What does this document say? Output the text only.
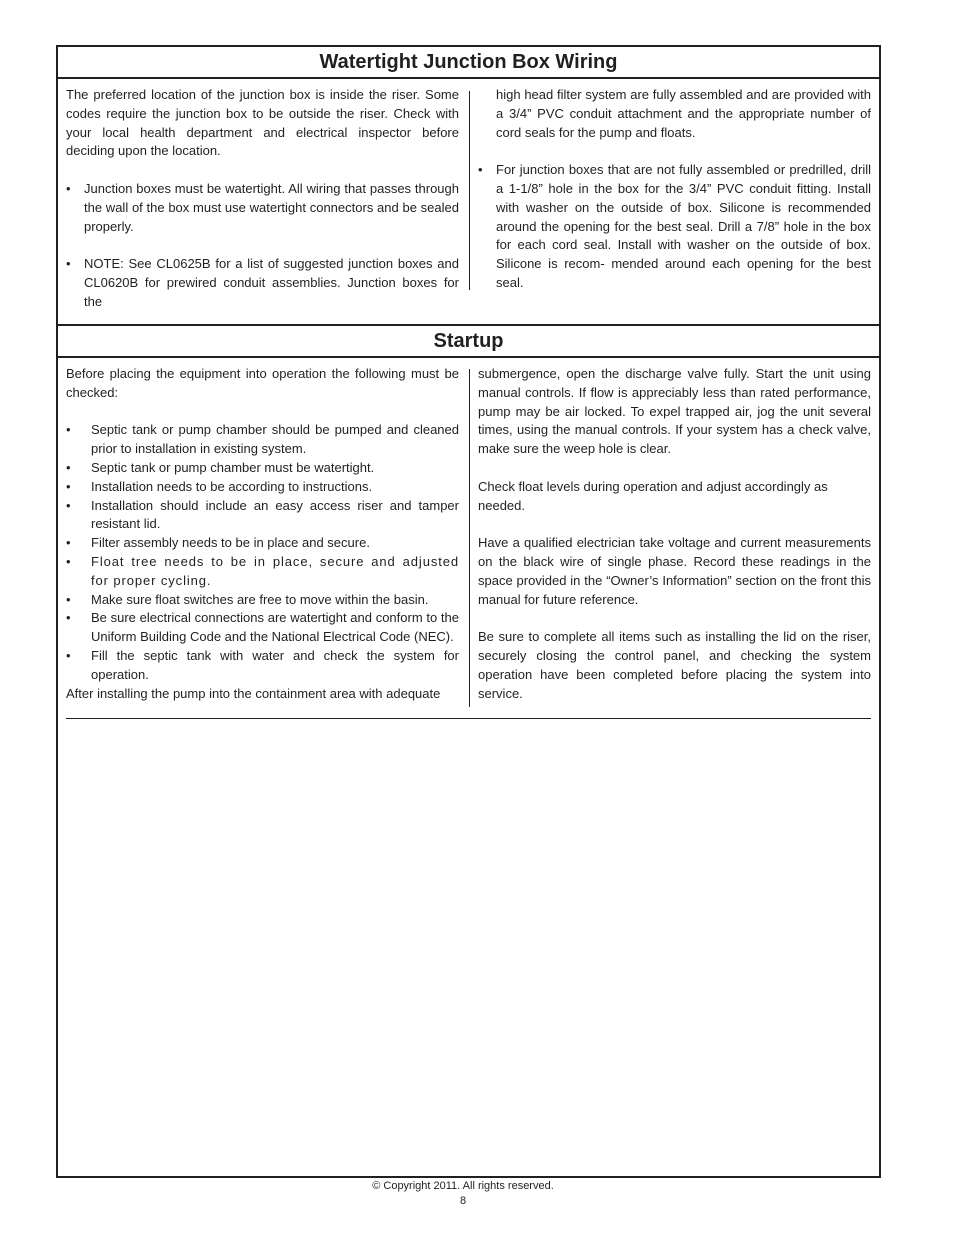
Watertight Junction Box Wiring

The preferred location of the junction box is inside the riser. Some codes require the junction box to be outside the riser. Check with your local health department and electrical inspector before deciding upon the location.

• Junction boxes must be watertight. All wiring that passes through the wall of the box must use watertight connectors and be sealed properly.

• NOTE: See CL0625B for a list of suggested junction boxes and CL0620B for prewired conduit assemblies. Junction boxes for the

high head filter system are fully assembled and are provided with a 3/4” PVC conduit attachment and the appropriate number of cord seals for the pump and floats.

• For junction boxes that are not fully assembled or predrilled, drill a 1-1/8” hole in the box for the 3/4” PVC conduit fitting. Install with washer on the outside of box. Silicone is recommended around the opening for the best seal. Drill a 7/8” hole in the box for each cord seal. Install with washer on the outside of box. Silicone is recom- mended around each opening for the best seal.

Startup

Before placing the equipment into operation the following must be checked:

• Septic tank or pump chamber should be pumped and cleaned prior to installation in existing system.

• Septic tank or pump chamber must be watertight.

• Installation needs to be according to instructions.

• Installation should include an easy access riser and tamper resistant lid.

• Filter assembly needs to be in place and secure.

• Float tree needs to be in place, secure and adjusted for proper cycling.

• Make sure float switches are free to move within the basin.

• Be sure electrical connections are watertight and conform to the Uniform Building Code and the National Electrical Code (NEC).

• Fill the septic tank with water and check the system for operation.

After installing the pump into the containment area with adequate

submergence, open the discharge valve fully. Start the unit using manual controls. If flow is appreciably less than rated performance, pump may be air locked. To expel trapped air, jog the unit several times, using the manual controls. If your system has a check valve, make sure the weep hole is clear.

Check float levels during operation and adjust accordingly as needed.

Have a qualified electrician take voltage and current measurements on the black wire of single phase. Record these readings in the space provided in the “Owner’s Information” section on the front this manual for future reference.

Be sure to complete all items such as installing the lid on the riser, securely closing the control panel, and checking the system operation have been completed before placing the system into service.

© Copyright 2011. All rights reserved.
8
